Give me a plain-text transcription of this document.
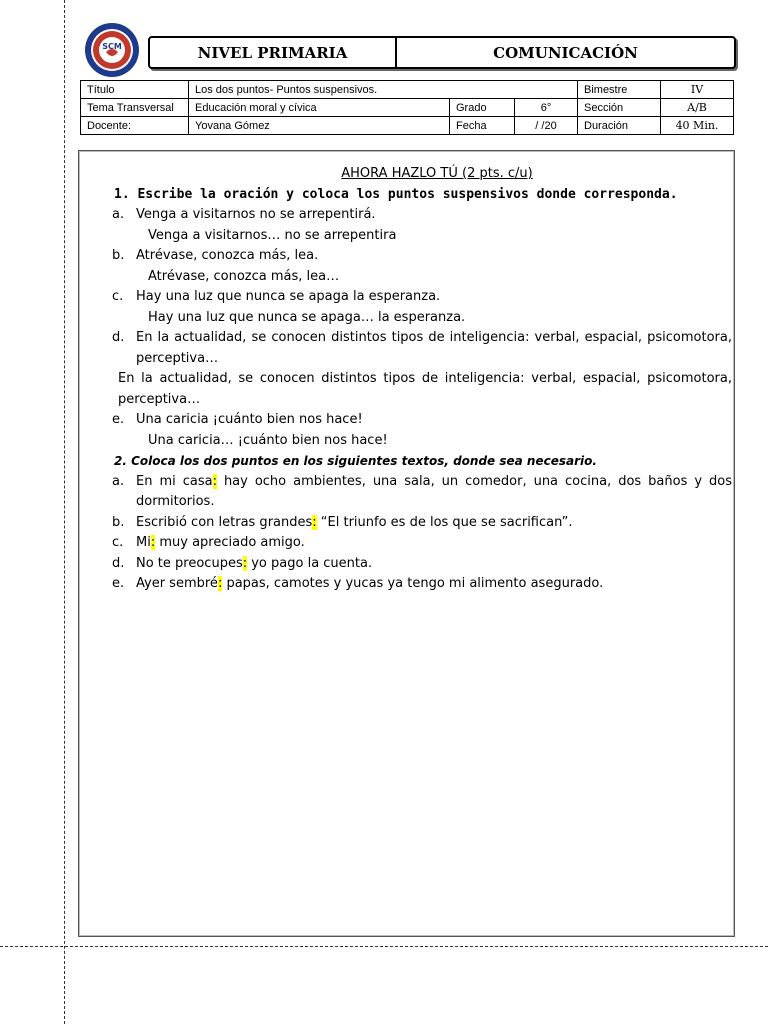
SCM	NIVEL PRIMARIA	COMUNICACIÓN
Título	Los dos puntos- Puntos suspensivos.			Bimestre	IV
Tema Transversal	Educación moral y cívica	Grado	6°	Sección	A/B
Docente:	Yovana Gómez	Fecha	/ /20	Duración	40 Min.

AHORA HAZLO TÚ (2 pts. c/u)

1. Escribe la oración y coloca los puntos suspensivos donde corresponda.

a. Venga a visitarnos no se arrepentirá.

Venga a visitarnos… no se arrepentira

b. Atrévase, conozca más, lea.

Atrévase, conozca más, lea…

c. Hay una luz que nunca se apaga la esperanza.

Hay una luz que nunca se apaga… la esperanza.

d. En la actualidad, se conocen distintos tipos de inteligencia: verbal, espacial, psicomotora, perceptiva…

En la actualidad, se conocen distintos tipos de inteligencia: verbal, espacial, psicomotora, perceptiva…

e. Una caricia ¡cuánto bien nos hace!

Una caricia… ¡cuánto bien nos hace!

2. Coloca los dos puntos en los siguientes textos, donde sea necesario.

a. En mi casa: hay ocho ambientes, una sala, un comedor, una cocina, dos baños y dos dormitorios.
b. Escribió con letras grandes: “El triunfo es de los que se sacrifican”.
c. Mi: muy apreciado amigo.
d. No te preocupes: yo pago la cuenta.
e. Ayer sembré: papas, camotes y yucas ya tengo mi alimento asegurado.
